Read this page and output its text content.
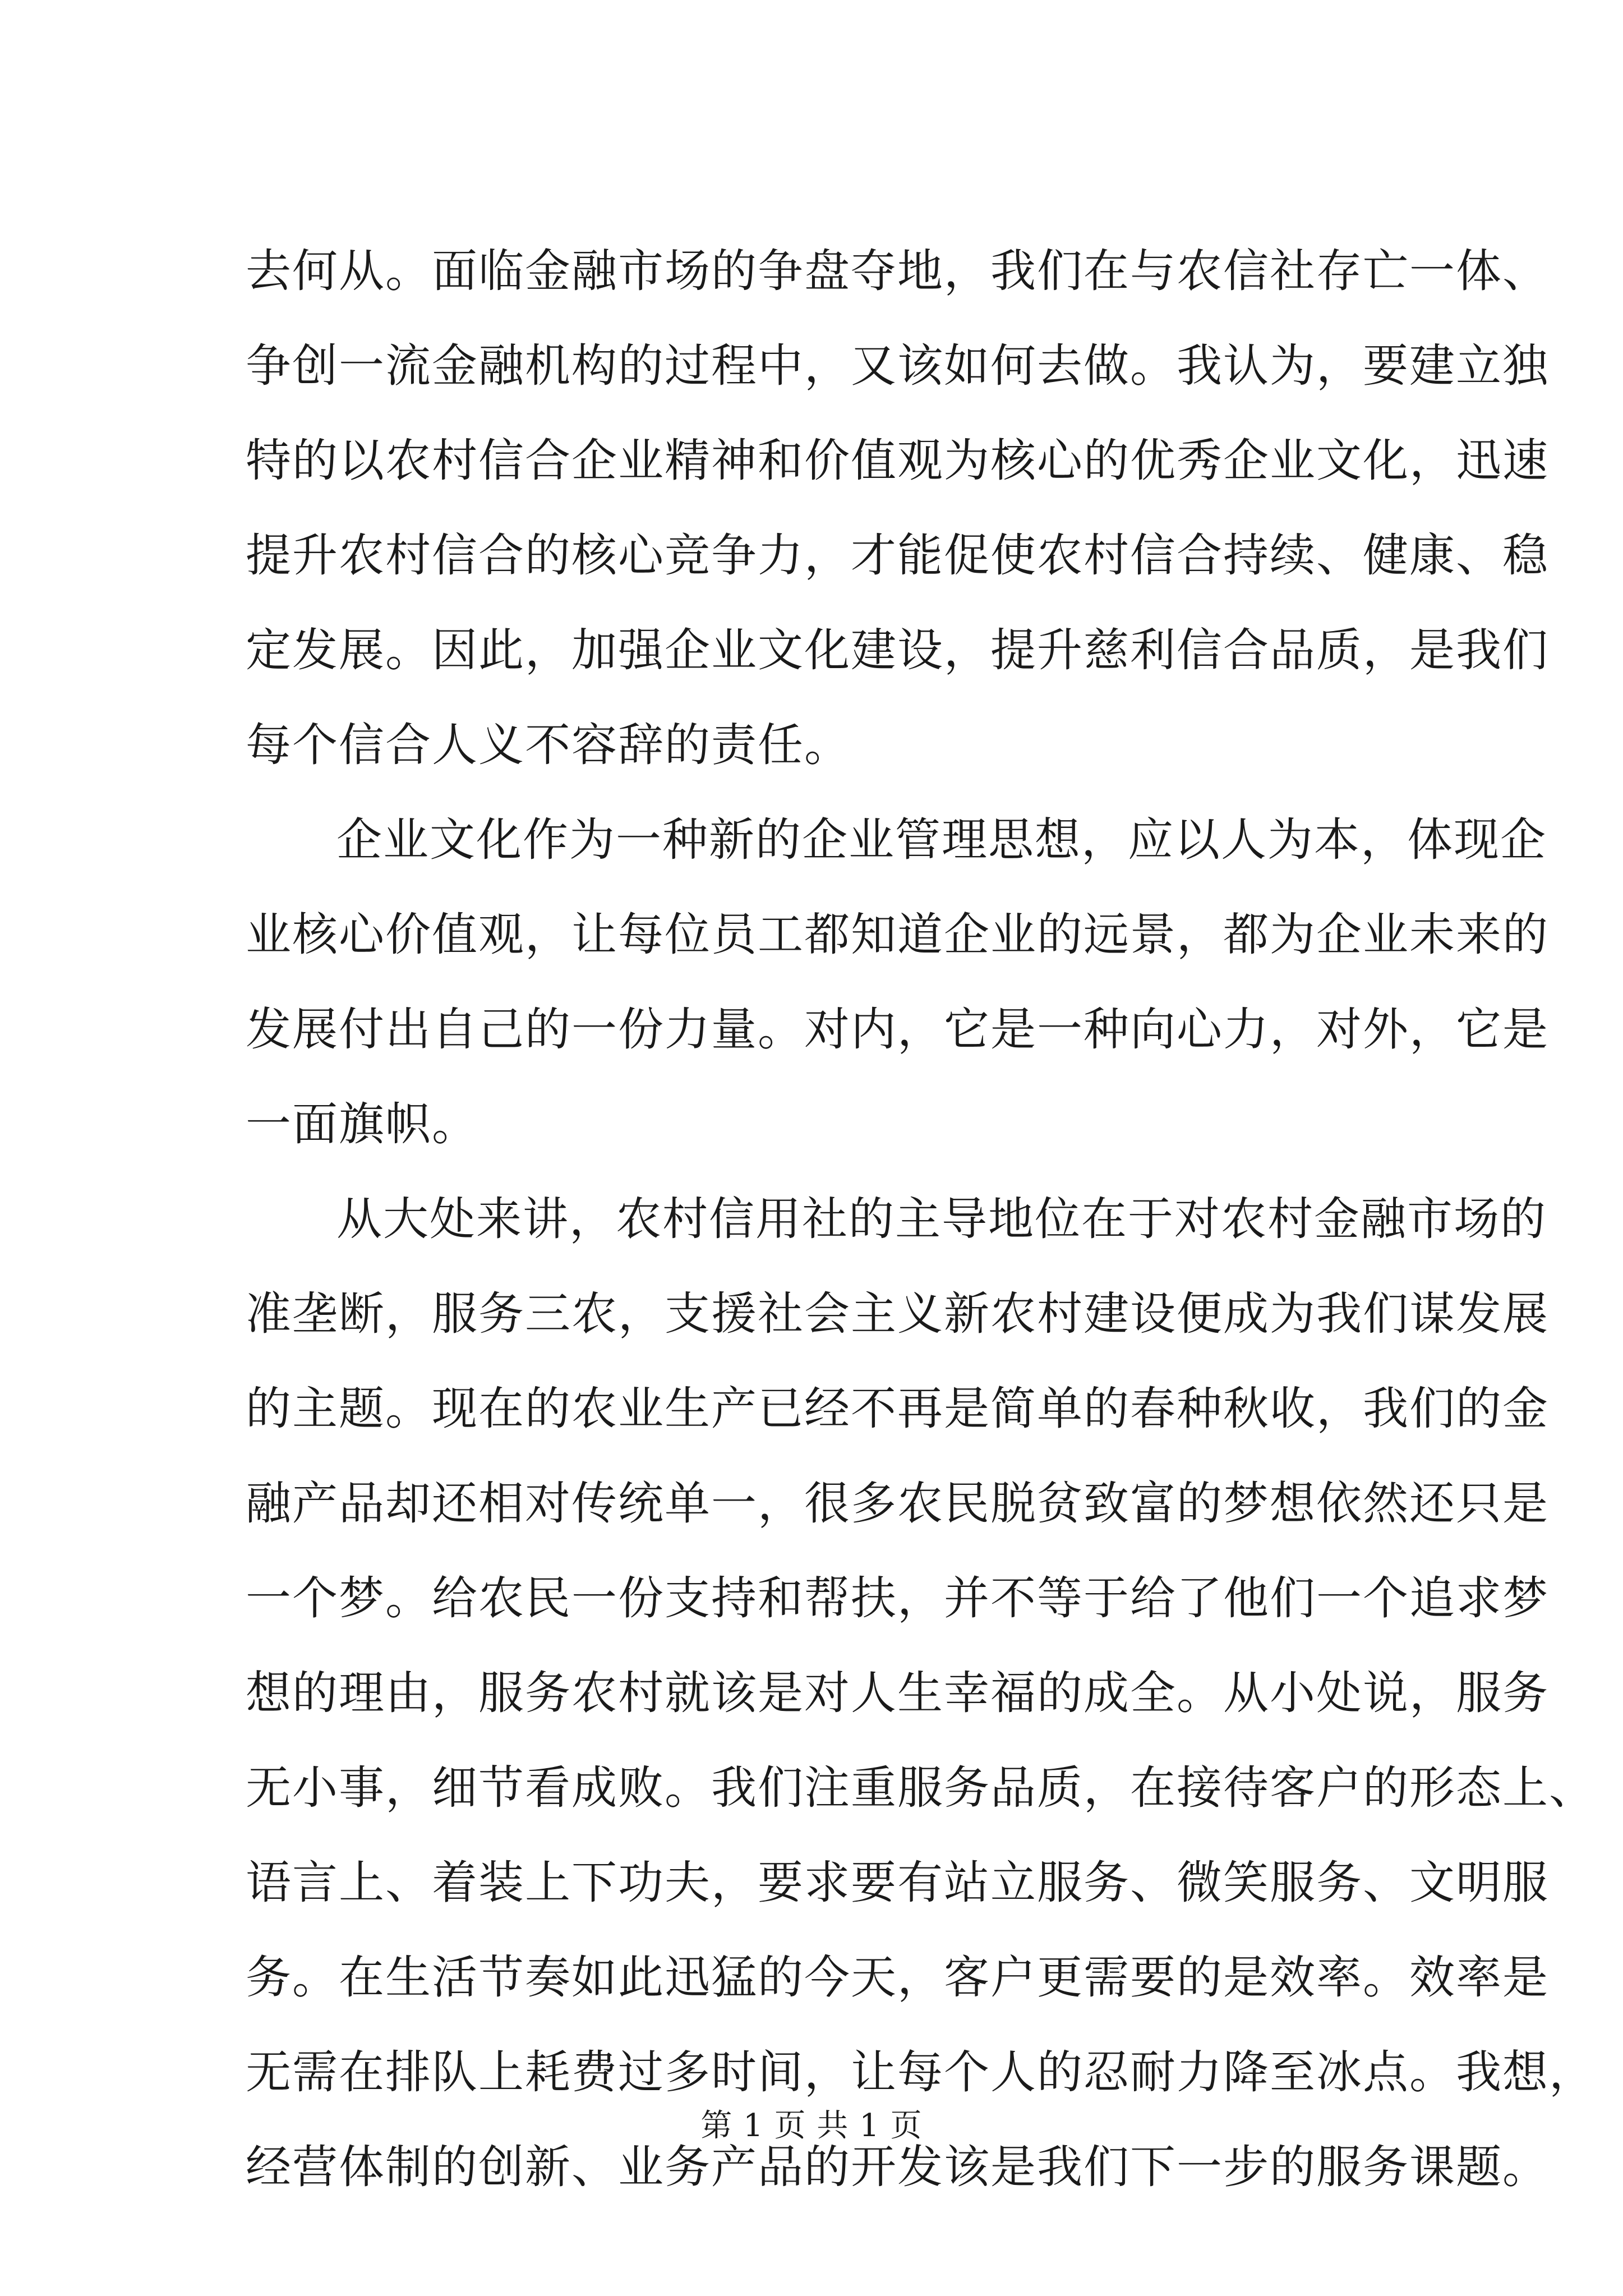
去何从。面临金融市场的争盘夺地，我们在与农信社存亡一体、
争创一流金融机构的过程中，又该如何去做。我认为，要建立独
特的以农村信合企业精神和价值观为核心的优秀企业文化，迅速
提升农村信合的核心竞争力，才能促使农村信合持续、健康、稳
定发展。因此，加强企业文化建设，提升慈利信合品质，是我们
每个信合人义不容辞的责任。
企业文化作为一种新的企业管理思想，应以人为本，体现企
业核心价值观，让每位员工都知道企业的远景，都为企业未来的
发展付出自己的一份力量。对内，它是一种向心力，对外，它是
一面旗帜。
从大处来讲，农村信用社的主导地位在于对农村金融市场的
准垄断，服务三农，支援社会主义新农村建设便成为我们谋发展
的主题。现在的农业生产已经不再是简单的春种秋收，我们的金
融产品却还相对传统单一，很多农民脱贫致富的梦想依然还只是
一个梦。给农民一份支持和帮扶，并不等于给了他们一个追求梦
想的理由，服务农村就该是对人生幸福的成全。从小处说，服务
无小事，细节看成败。我们注重服务品质，在接待客户的形态上、
语言上、着装上下功夫，要求要有站立服务、微笑服务、文明服
务。在生活节奏如此迅猛的今天，客户更需要的是效率。效率是
无需在排队上耗费过多时间，让每个人的忍耐力降至冰点。我想，
经营体制的创新、业务产品的开发该是我们下一步的服务课题。
第 1 页 共 1 页
